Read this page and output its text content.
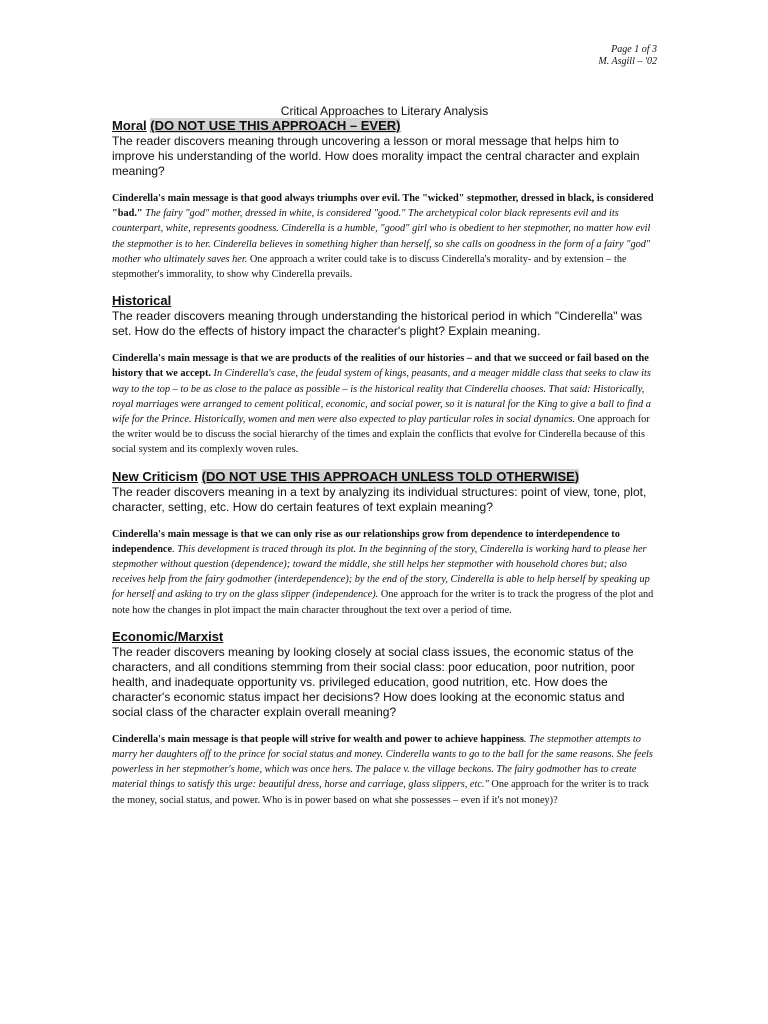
Page 1 of 3
M. Asgill – '02
Critical Approaches to Literary Analysis
Moral (DO NOT USE THIS APPROACH – EVER)

The reader discovers meaning through uncovering a lesson or moral message that helps him to improve his understanding of the world. How does morality impact the central character and explain meaning?

Cinderella's main message is that good always triumphs over evil. The "wicked" stepmother, dressed in black, is considered "bad." The fairy "god" mother, dressed in white, is considered "good." The archetypical color black represents evil and its counterpart, white, represents goodness. Cinderella is a humble, "good" girl who is obedient to her stepmother, no matter how evil the stepmother is to her. Cinderella believes in something higher than herself, so she calls on goodness in the form of a fairy "god" mother who ultimately saves her. One approach a writer could take is to discuss Cinderella's morality- and by extension – the stepmother's immorality, to show why Cinderella prevails.

Historical

The reader discovers meaning through understanding the historical period in which "Cinderella" was set. How do the effects of history impact the character's plight? Explain meaning.

Cinderella's main message is that we are products of the realities of our histories – and that we succeed or fail based on the history that we accept. In Cinderella's case, the feudal system of kings, peasants, and a meager middle class that seeks to claw its way to the top – to be as close to the palace as possible – is the historical reality that Cinderella chooses. That said: Historically, royal marriages were arranged to cement political, economic, and social power, so it is natural for the King to give a ball to find a wife for the Prince. Historically, women and men were also expected to play particular roles in social dynamics. One approach for the writer would be to discuss the social hierarchy of the times and explain the conflicts that evolve for Cinderella because of this social system and its complexly woven rules.

New Criticism (DO NOT USE THIS APPROACH UNLESS TOLD OTHERWISE)

The reader discovers meaning in a text by analyzing its individual structures: point of view, tone, plot, character, setting, etc. How do certain features of text explain meaning?

Cinderella's main message is that we can only rise as our relationships grow from dependence to interdependence to independence. This development is traced through its plot. In the beginning of the story, Cinderella is working hard to please her stepmother without question (dependence); toward the middle, she still helps her stepmother with household chores but; also receives help from the fairy godmother (interdependence); by the end of the story, Cinderella is able to help herself by speaking up for herself and asking to try on the glass slipper (independence). One approach for the writer is to track the progress of the plot and note how the changes in plot impact the main character throughout the text over a period of time.

Economic/Marxist

The reader discovers meaning by looking closely at social class issues, the economic status of the characters, and all conditions stemming from their social class: poor education, poor nutrition, poor health, and inadequate opportunity vs. privileged education, good nutrition, etc. How does the character's economic status impact her decisions? How does looking at the economic status and social class of the character explain overall meaning?

Cinderella's main message is that people will strive for wealth and power to achieve happiness. The stepmother attempts to marry her daughters off to the prince for social status and money. Cinderella wants to go to the ball for the same reasons. She feels powerless in her stepmother's home, which was once hers. The palace v. the village beckons. The fairy godmother has to create material things to satisfy this urge: beautiful dress, horse and carriage, glass slippers, etc." One approach for the writer is to track the money, social status, and power. Who is in power based on what she possesses – even if it's not money)?
